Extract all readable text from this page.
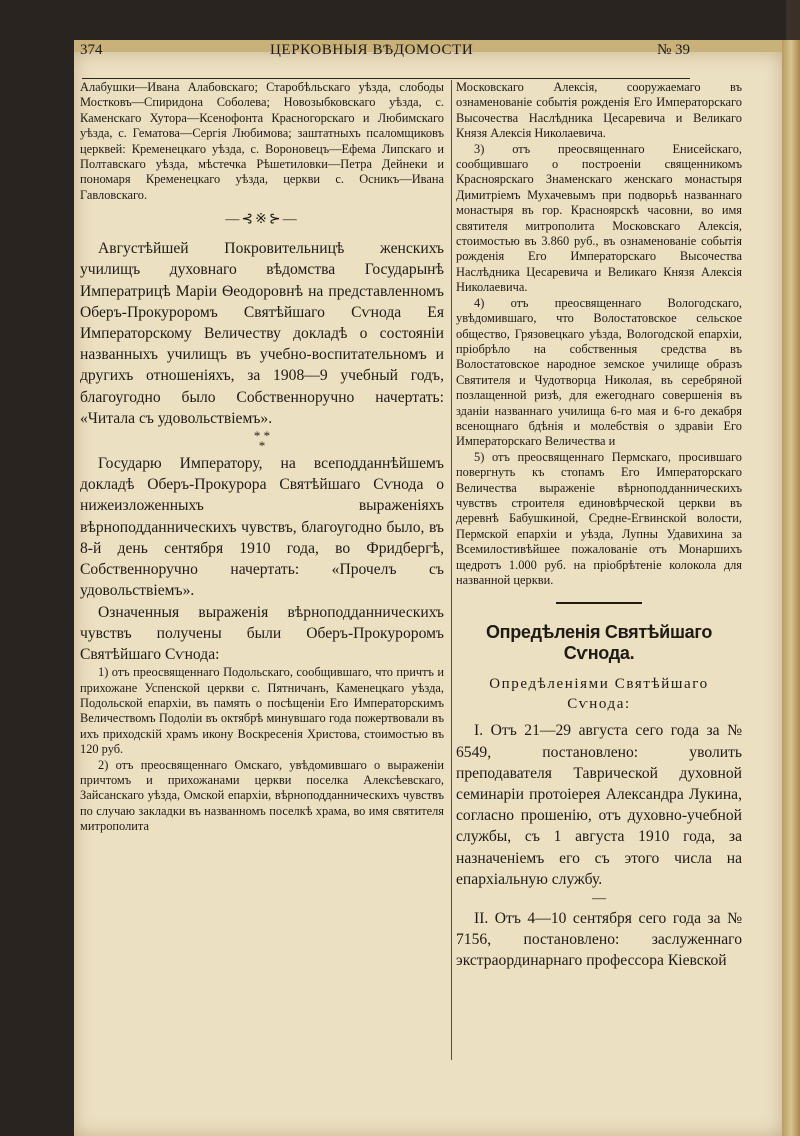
374	ЦЕРКОВНЫЯ ВѢДОМОСТИ	№ 39

Алабушки—Ивана Алабовскаго; Старобѣльскаго уѣзда, слободы Мостковъ—Спиридона Соболева; Новозыбковскаго уѣзда, с. Каменскаго Хутора—Ксенофонта Красногорскаго и Любимскаго уѣзда, с. Гематова—Сергія Любимова; заштатныхъ псаломщиковъ церквей: Кременецкаго уѣзда, с. Вороновецъ—Ефема Липскаго и Полтавскаго уѣзда, мѣстечка Рѣшетиловки—Петра Дейнеки и пономаря Кременецкаго уѣзда, церкви с. Осникъ—Ивана Гавловскаго.

—⊰※⊱—

Августѣйшей Покровительницѣ женскихъ училищъ духовнаго вѣдомства Государынѣ Императрицѣ Маріи Ѳеодоровнѣ на представленномъ Оберъ-Прокуроромъ Святѣйшаго Сѵнода Ея Императорскому Величеству докладѣ о состояніи названныхъ училищъ въ учебно-воспитательномъ и другихъ отношеніяхъ, за 1908—9 учебный годъ, благоугодно было Собственноручно начертать: «Читала съ удовольствіемъ».

* *
*

Государю Императору, на всеподданнѣйшемъ докладѣ Оберъ-Прокурора Святѣйшаго Сѵнода о нижеизложенныхъ выраженіяхъ вѣрноподданническихъ чувствъ, благоугодно было, въ 8-й день сентября 1910 года, во Фридбергѣ, Собственноручно начертать: «Прочелъ съ удовольствіемъ».

Означенныя выраженія вѣрноподданническихъ чувствъ получены были Оберъ-Прокуроромъ Святѣйшаго Сѵнода:

1) отъ преосвященнаго Подольскаго, сообщившаго, что причтъ и прихожане Успенской церкви с. Пятничанъ, Каменецкаго уѣзда, Подольской епархіи, въ память о посѣщеніи Его Императорскимъ Величествомъ Подоліи въ октябрѣ минувшаго года пожертвовали въ ихъ приходскій храмъ икону Воскресенія Христова, стоимостью въ 120 руб.

2) отъ преосвященнаго Омскаго, увѣдомившаго о выраженіи причтомъ и прихожанами церкви поселка Алексѣевскаго, Зайсанскаго уѣзда, Омской епархіи, вѣрноподданническихъ чувствъ по случаю закладки въ названномъ поселкѣ храма, во имя святителя митрополита

Московскаго Алексія, сооружаемаго въ ознаменованіе событія рожденія Его Императорскаго Высочества Наслѣдника Цесаревича и Великаго Князя Алексія Николаевича.

3) отъ преосвященнаго Енисейскаго, сообщившаго о построеніи священникомъ Красноярскаго Знаменскаго женскаго монастыря Димитріемъ Мухачевымъ при подворьѣ названнаго монастыря въ гор. Красноярскѣ часовни, во имя святителя митрополита Московскаго Алексія, стоимостью въ 3.860 руб., въ ознаменованіе событія рожденія Его Императорскаго Высочества Наслѣдника Цесаревича и Великаго Князя Алексія Николаевича.

4) отъ преосвященнаго Вологодскаго, увѣдомившаго, что Волостатовское сельское общество, Грязовецкаго уѣзда, Вологодской епархіи, пріобрѣло на собственныя средства въ Волостатовское народное земское училище образъ Святителя и Чудотворца Николая, въ серебряной позлащенной ризѣ, для ежегоднаго совершенія въ зданіи названнаго училища 6-го мая и 6-го декабря всенощнаго бдѣнія и молебствія о здравіи Его Императорскаго Величества и

5) отъ преосвященнаго Пермскаго, просившаго повергнуть къ стопамъ Его Императорскаго Величества выраженіе вѣрноподданническихъ чувствъ строителя единовѣрческой церкви въ деревнѣ Бабушкиной, Средне-Егвинской волости, Пермской епархіи и уѣзда, Лупны Удавихина за Всемилостивѣйшее пожалованіе отъ Монаршихъ щедротъ 1.000 руб. на пріобрѣтеніе колокола для названной церкви.

Опредѣленія Святѣйшаго Сѵнода.
Опредѣленіями Святѣйшаго Сѵнода:

I. Отъ 21—29 августа сего года за № 6549, постановлено: уволить преподавателя Таврической духовной семинаріи протоіерея Александра Лукина, согласно прошенію, отъ духовно-учебной службы, съ 1 августа 1910 года, за назначеніемъ его съ этого числа на епархіальную службу.

—

II. Отъ 4—10 сентября сего года за № 7156, постановлено: заслуженнаго экстраординарнаго профессора Кіевской
